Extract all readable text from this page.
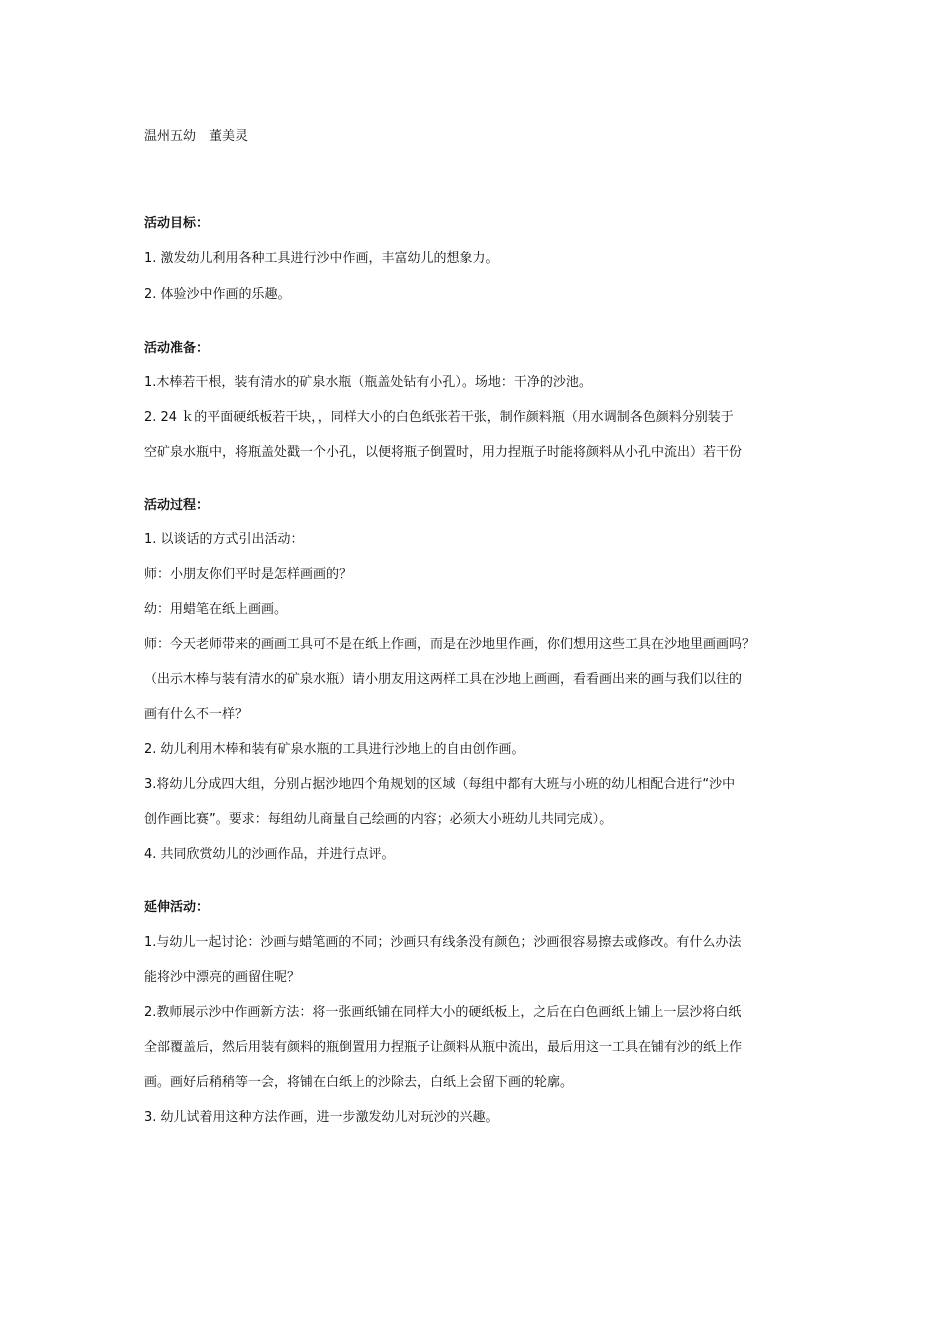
温州五幼　董美灵
活动目标：
1. 激发幼儿利用各种工具进行沙中作画，丰富幼儿的想象力。
2. 体验沙中作画的乐趣。
活动准备：
1.木棒若干根，装有清水的矿泉水瓶（瓶盖处钻有小孔）。场地：干净的沙池。
2. 24 ｋ的平面硬纸板若干块，，同样大小的白色纸张若干张，制作颜料瓶（用水调制各色颜料分别装于
空矿泉水瓶中，将瓶盖处戳一个小孔，以便将瓶子倒置时，用力捏瓶子时能将颜料从小孔中流出）若干份
活动过程：
1. 以谈话的方式引出活动：
师：小朋友你们平时是怎样画画的？
幼：用蜡笔在纸上画画。
师：今天老师带来的画画工具可不是在纸上作画，而是在沙地里作画，你们想用这些工具在沙地里画画吗？
（出示木棒与装有清水的矿泉水瓶）请小朋友用这两样工具在沙地上画画，看看画出来的画与我们以往的
画有什么不一样？
2. 幼儿利用木棒和装有矿泉水瓶的工具进行沙地上的自由创作画。
3.将幼儿分成四大组，分别占据沙地四个角规划的区域（每组中都有大班与小班的幼儿相配合进行“沙中
创作画比赛”。要求：每组幼儿商量自己绘画的内容；必须大小班幼儿共同完成）。
4. 共同欣赏幼儿的沙画作品，并进行点评。
延伸活动：
1.与幼儿一起讨论：沙画与蜡笔画的不同；沙画只有线条没有颜色；沙画很容易擦去或修改。有什么办法
能将沙中漂亮的画留住呢？
2.教师展示沙中作画新方法：将一张画纸铺在同样大小的硬纸板上，之后在白色画纸上铺上一层沙将白纸
全部覆盖后，然后用装有颜料的瓶倒置用力捏瓶子让颜料从瓶中流出，最后用这一工具在铺有沙的纸上作
画。画好后稍稍等一会，将铺在白纸上的沙除去，白纸上会留下画的轮廓。
3. 幼儿试着用这种方法作画，进一步激发幼儿对玩沙的兴趣。
